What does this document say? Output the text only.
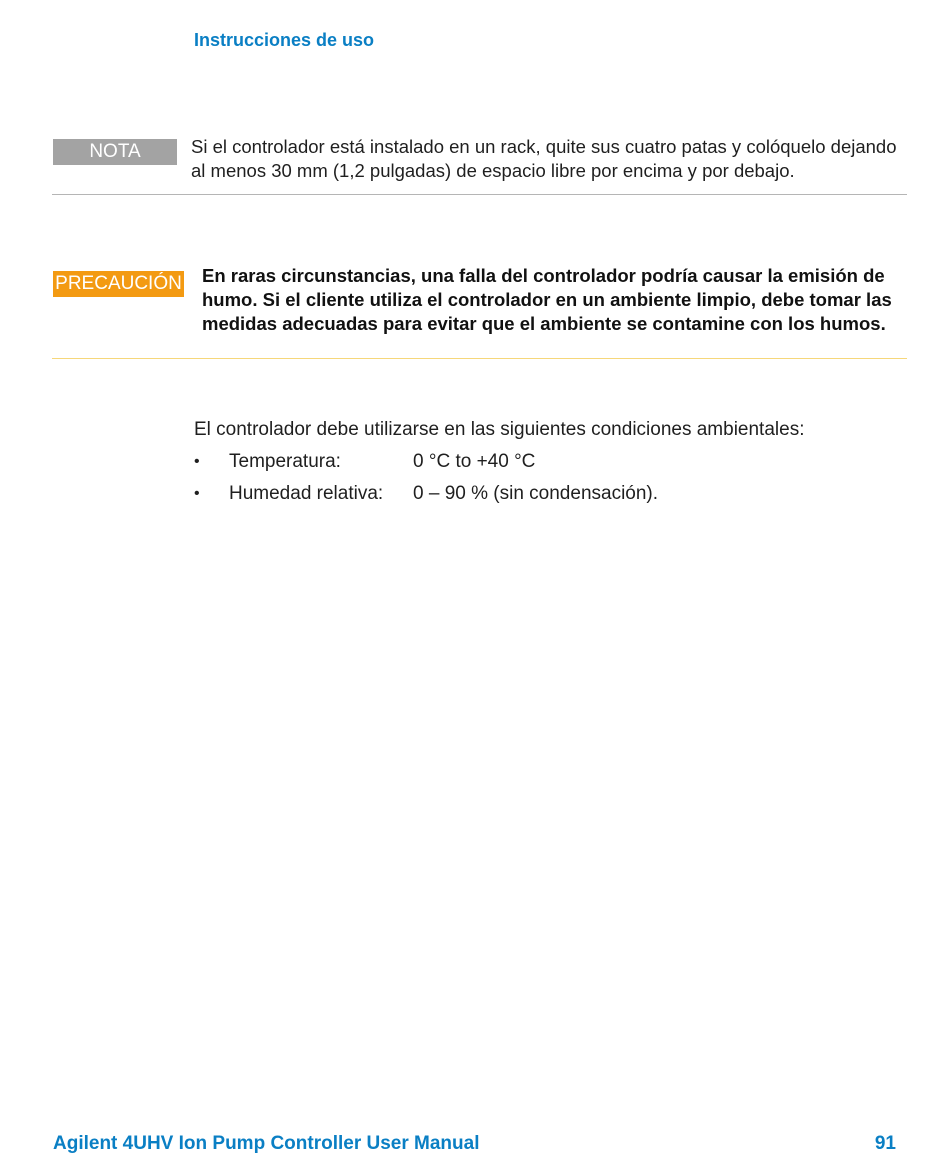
Instrucciones de uso
NOTA	Si el controlador está instalado en un rack, quite sus cuatro patas y colóquelo dejando al menos 30 mm (1,2 pulgadas) de espacio libre por encima y por debajo.
PRECAUCIÓN En raras circunstancias, una falla del controlador podría causar la emisión de humo. Si el cliente utiliza el controlador en un ambiente limpio, debe tomar las medidas adecuadas para evitar que el ambiente se contamine con los humos.
El controlador debe utilizarse en las siguientes condiciones ambientales:
• Temperatura:	0 °C to +40 °C
• Humedad relativa: 0 – 90 % (sin condensación).
Agilent 4UHV Ion Pump Controller User Manual	91
